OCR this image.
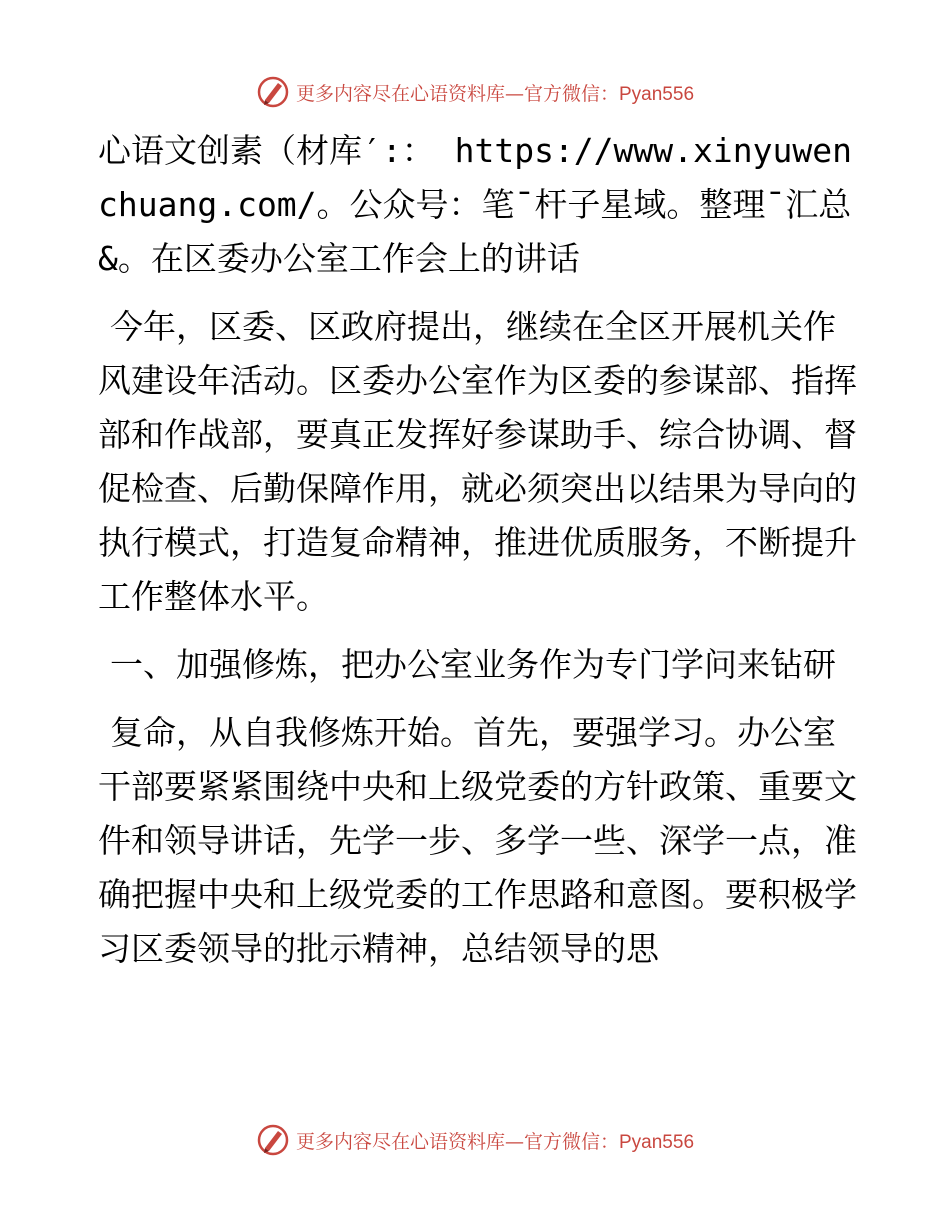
更多内容尽在心语资料库—官方微信：Pyan556

心语文创素（材库′:： https://www.xinyuwenchuang.com/。公众号：笔¯杆子星域。整理¯汇总&。在区委办公室工作会上的讲话

今年，区委、区政府提出，继续在全区开展机关作风建设年活动。区委办公室作为区委的参谋部、指挥部和作战部，要真正发挥好参谋助手、综合协调、督促检查、后勤保障作用，就必须突出以结果为导向的执行模式，打造复命精神，推进优质服务，不断提升工作整体水平。

一、加强修炼，把办公室业务作为专门学问来钻研

复命，从自我修炼开始。首先，要强学习。办公室干部要紧紧围绕中央和上级党委的方针政策、重要文件和领导讲话，先学一步、多学一些、深学一点，准确把握中央和上级党委的工作思路和意图。要积极学习区委领导的批示精神，总结领导的思

更多内容尽在心语资料库—官方微信：Pyan556
